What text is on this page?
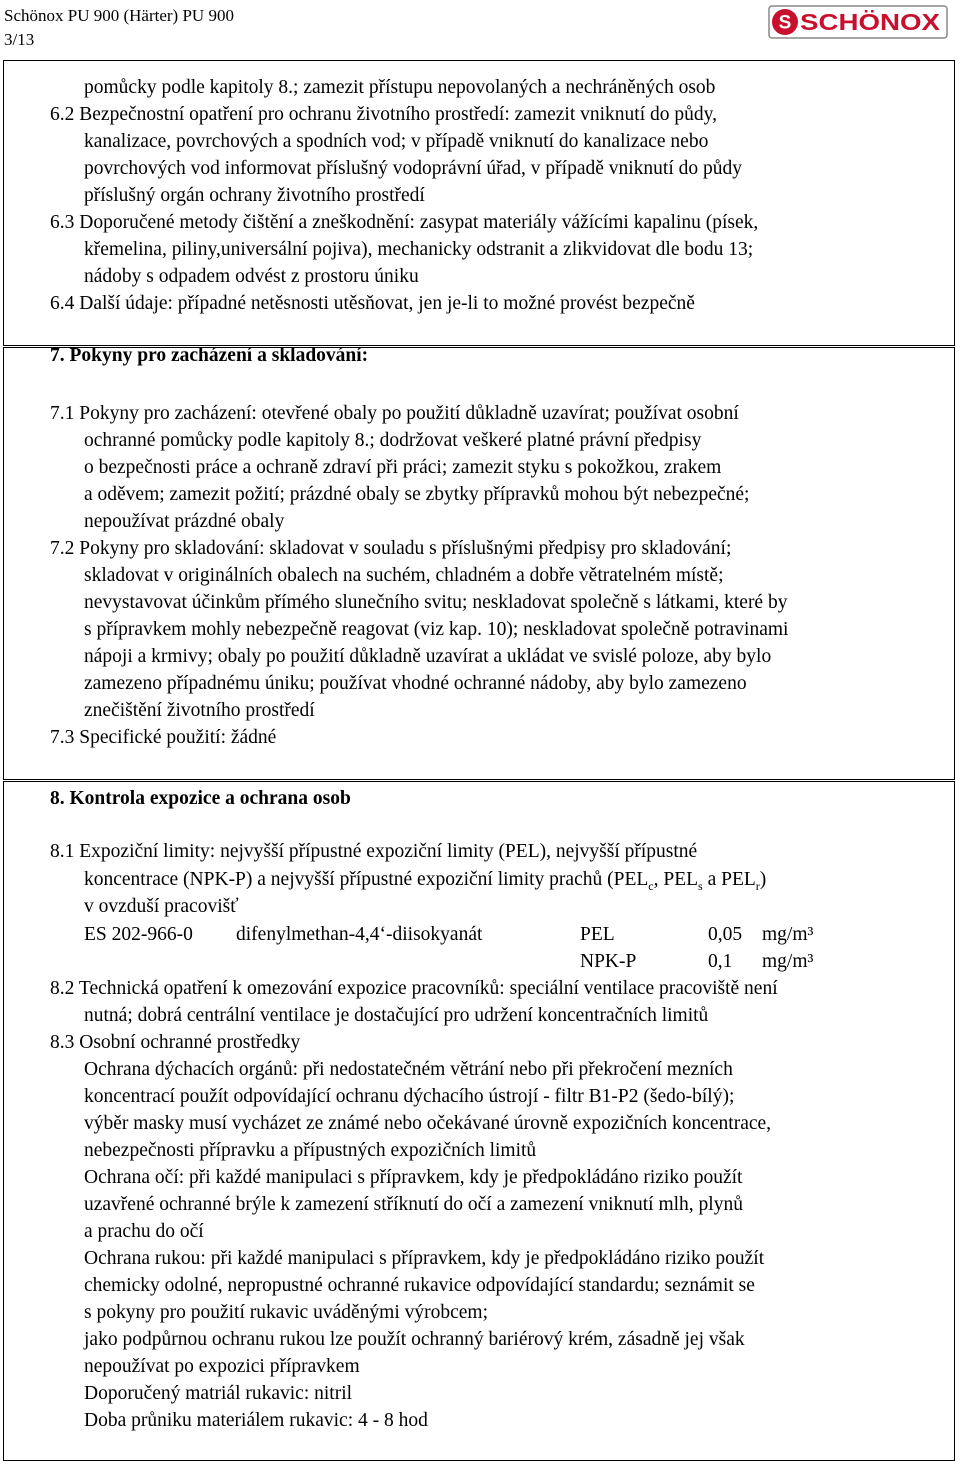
Schönox PU 900 (Härter) PU 900
3/13
S SCHÖNOX
pomůcky podle kapitoly 8.; zamezit přístupu nepovolaných a nechráněných osob
6.2 Bezpečnostní opatření pro ochranu životního prostředí: zamezit vniknutí do půdy,
kanalizace, povrchových a spodních vod; v případě vniknutí do kanalizace nebo
povrchových vod informovat příslušný vodoprávní úřad, v případě vniknutí do půdy
příslušný orgán ochrany životního prostředí
6.3 Doporučené metody čištění a zneškodnění: zasypat materiály vážícími kapalinu (písek,
křemelina, piliny,universální pojiva), mechanicky odstranit a zlikvidovat dle bodu 13;
nádoby s odpadem odvést z prostoru úniku
6.4 Další údaje: případné netěsnosti utěsňovat, jen je-li to možné provést bezpečně
7. Pokyny pro zacházení a skladování:
7.1 Pokyny pro zacházení: otevřené obaly po použití důkladně uzavírat; používat osobní
ochranné pomůcky podle kapitoly 8.; dodržovat veškeré platné právní předpisy
o bezpečnosti práce a ochraně zdraví při práci; zamezit styku s pokožkou, zrakem
a oděvem; zamezit požití; prázdné obaly se zbytky přípravků mohou být nebezpečné;
nepoužívat prázdné obaly
7.2 Pokyny pro skladování: skladovat v souladu s příslušnými předpisy pro skladování;
skladovat v originálních obalech na suchém, chladném a dobře větratelném místě;
nevystavovat účinkům přímého slunečního svitu; neskladovat společně s látkami, které by
s přípravkem mohly nebezpečně reagovat (viz kap. 10); neskladovat společně potravinami
nápoji a krmivy; obaly po použití důkladně uzavírat a ukládat ve svislé poloze, aby bylo
zamezeno případnému úniku; používat vhodné ochranné nádoby, aby bylo zamezeno
znečištění životního prostředí
7.3 Specifické použití: žádné
8. Kontrola expozice a ochrana osob
8.1 Expoziční limity: nejvyšší přípustné expoziční limity (PEL), nejvyšší přípustné
koncentrace (NPK-P) a nejvyšší přípustné expoziční limity prachů ($PEL_c$, $PEL_s$ a $PEL_r$)
v ovzduší pracovišť
ES 202-966-0 difenylmethan-4,4‘-diisokyanát	PEL	0,05 mg/m³
NPK-P	0,1 mg/m³
8.2 Technická opatření k omezování expozice pracovníků: speciální ventilace pracoviště není
nutná; dobrá centrální ventilace je dostačující pro udržení koncentračních limitů
8.3 Osobní ochranné prostředky
Ochrana dýchacích orgánů: při nedostatečném větrání nebo při překročení mezních
koncentrací použít odpovídající ochranu dýchacího ústrojí - filtr B1-P2 (šedo-bílý);
výběr masky musí vycházet ze známé nebo očekávané úrovně expozičních koncentrace,
nebezpečnosti přípravku a přípustných expozičních limitů
Ochrana očí: při každé manipulaci s přípravkem, kdy je předpokládáno riziko použít
uzavřené ochranné brýle k zamezení stříknutí do očí a zamezení vniknutí mlh, plynů
a prachu do očí
Ochrana rukou: při každé manipulaci s přípravkem, kdy je předpokládáno riziko použít
chemicky odolné, nepropustné ochranné rukavice odpovídající standardu; seznámit se
s pokyny pro použití rukavic uváděnými výrobcem;
jako podpůrnou ochranu rukou lze použít ochranný bariérový krém, zásadně jej však
nepoužívat po expozici přípravkem
Doporučený matriál rukavic: nitril
Doba průniku materiálem rukavic: 4 - 8 hod
